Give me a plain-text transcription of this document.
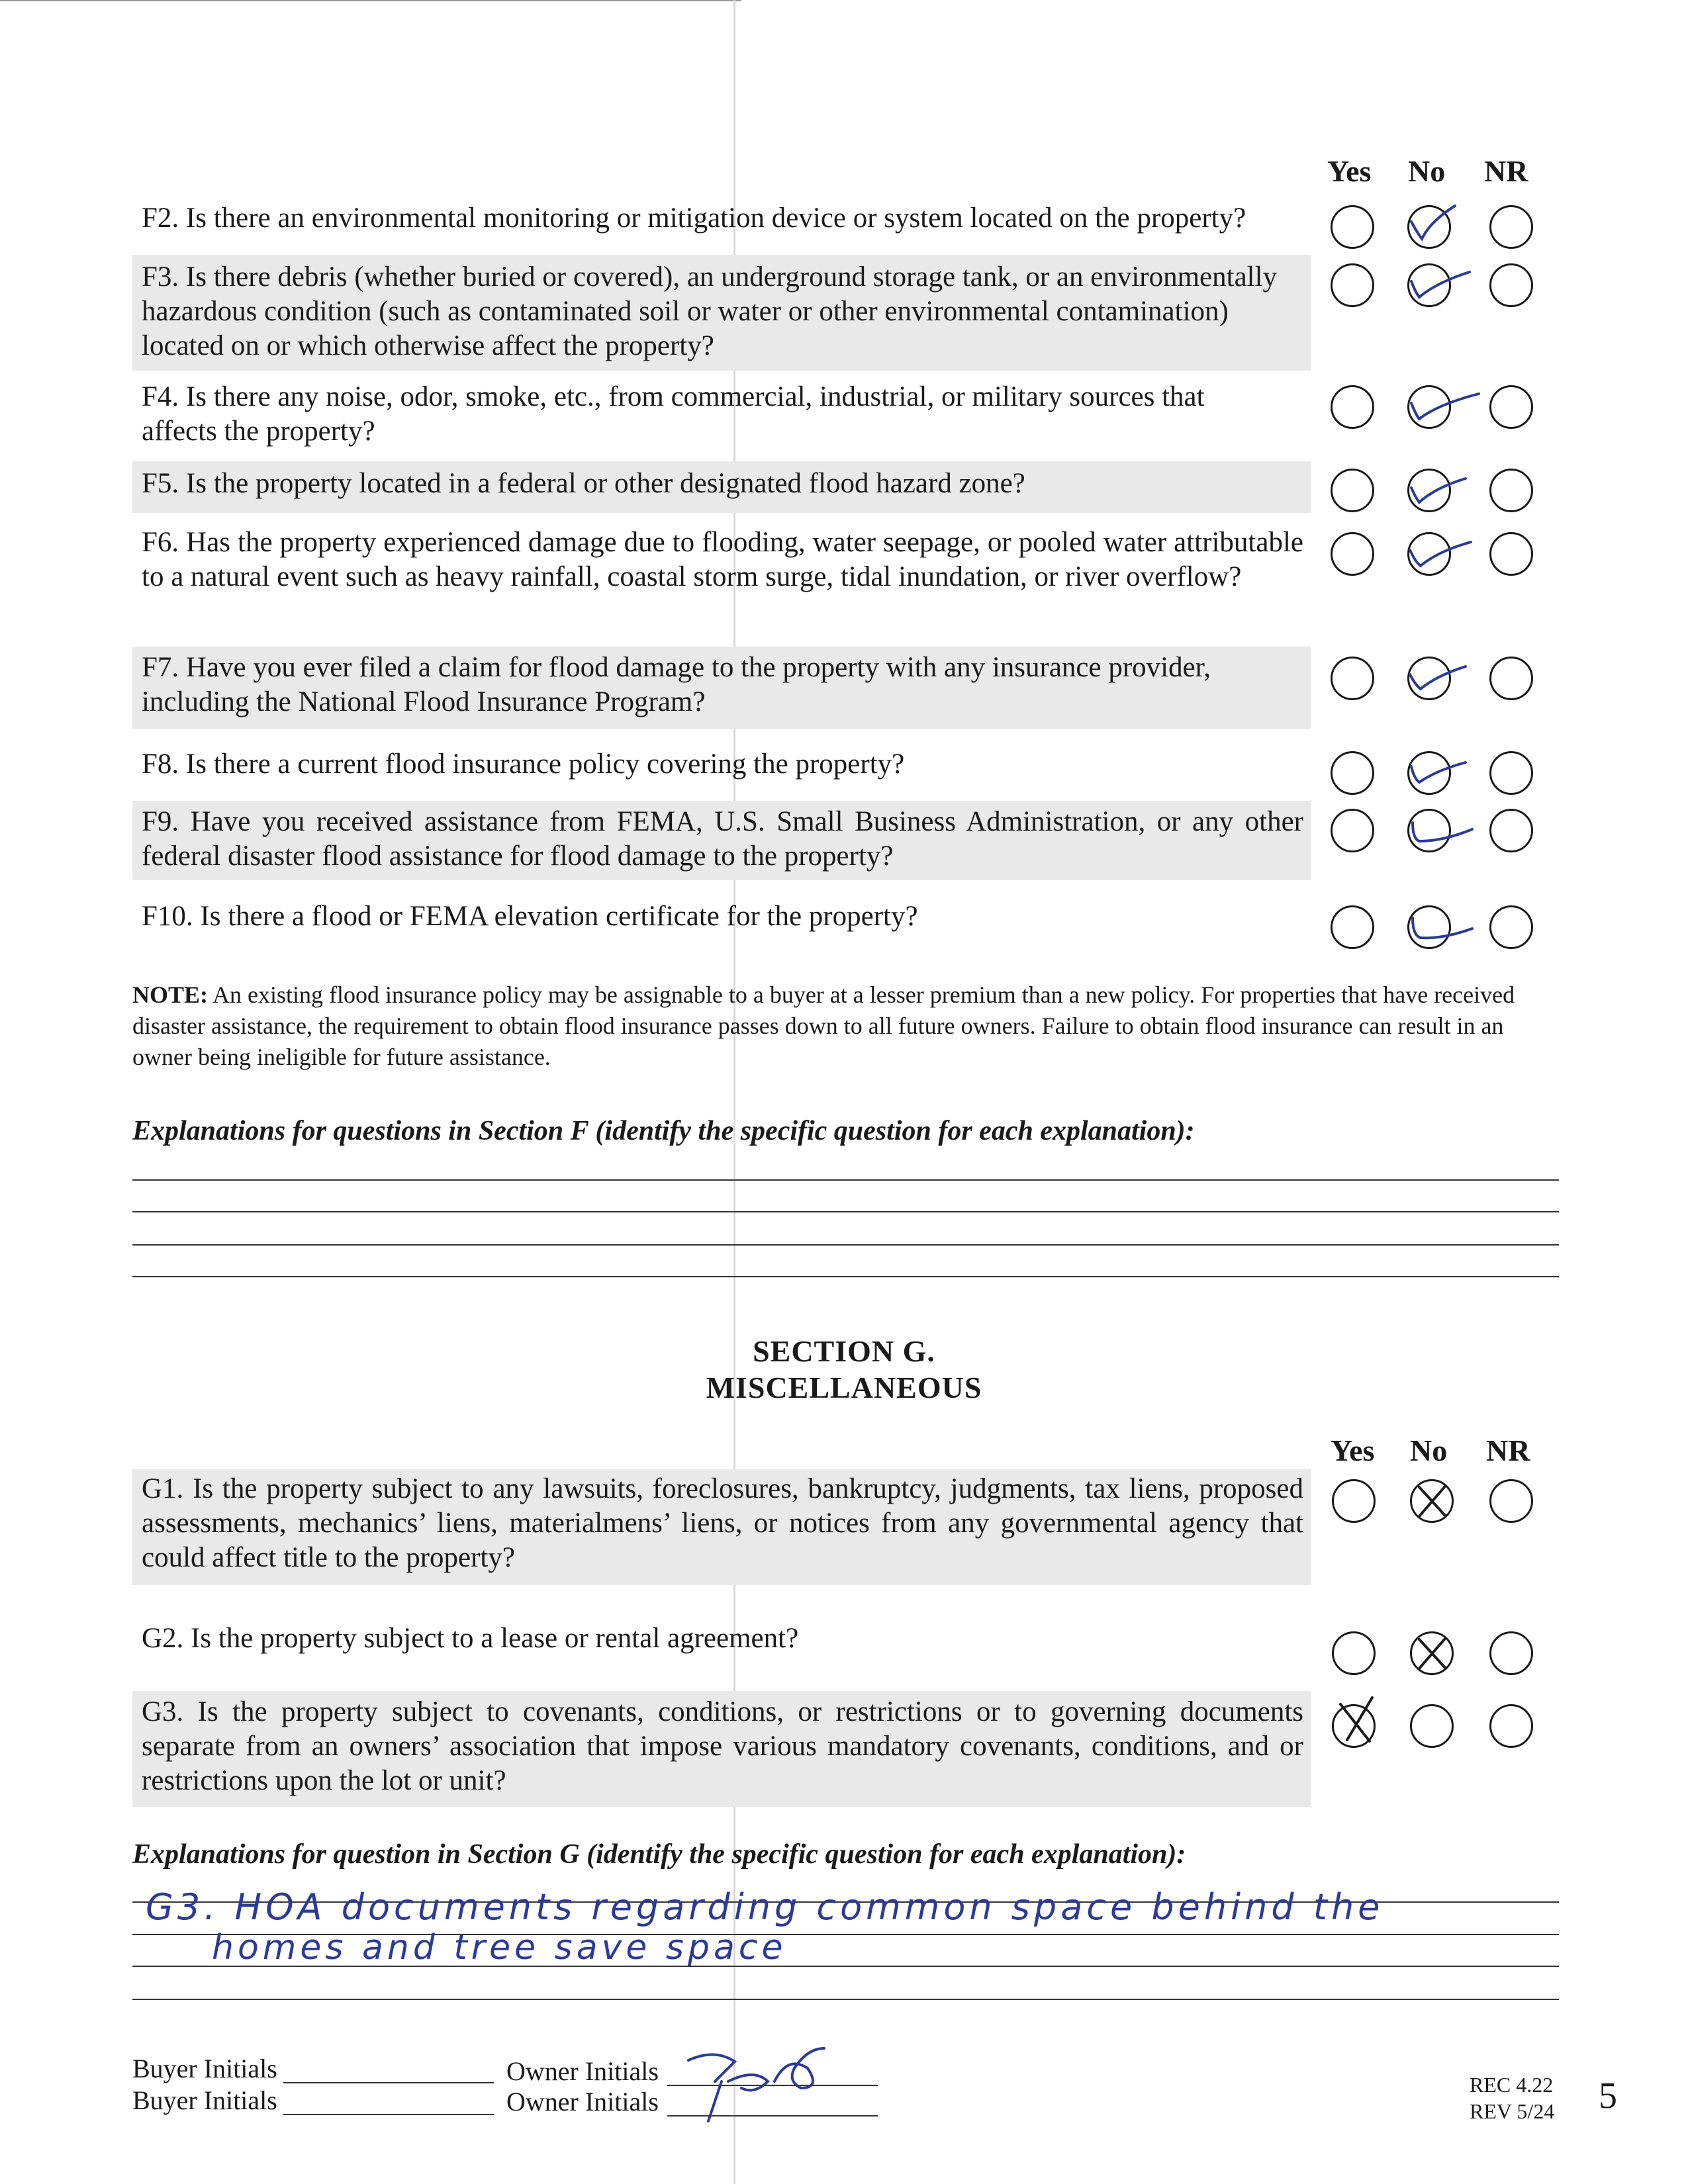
Yes No NR
F2. Is there an environmental monitoring or mitigation device or system located on the property?
F3. Is there debris (whether buried or covered), an underground storage tank, or an environmentally hazardous condition (such as contaminated soil or water or other environmental contamination) located on or which otherwise affect the property?
F4. Is there any noise, odor, smoke, etc., from commercial, industrial, or military sources that affects the property?
F5. Is the property located in a federal or other designated flood hazard zone?
F6. Has the property experienced damage due to flooding, water seepage, or pooled water attributable to a natural event such as heavy rainfall, coastal storm surge, tidal inundation, or river overflow?
F7. Have you ever filed a claim for flood damage to the property with any insurance provider, including the National Flood Insurance Program?
F8. Is there a current flood insurance policy covering the property?
F9. Have you received assistance from FEMA, U.S. Small Business Administration, or any other federal disaster flood assistance for flood damage to the property?
F10. Is there a flood or FEMA elevation certificate for the property?
NOTE: An existing flood insurance policy may be assignable to a buyer at a lesser premium than a new policy. For properties that have received disaster assistance, the requirement to obtain flood insurance passes down to all future owners. Failure to obtain flood insurance can result in an owner being ineligible for future assistance.
Explanations for questions in Section F (identify the specific question for each explanation):
SECTION G.
MISCELLANEOUS
Yes No NR
G1. Is the property subject to any lawsuits, foreclosures, bankruptcy, judgments, tax liens, proposed assessments, mechanics’ liens, materialmens’ liens, or notices from any governmental agency that could affect title to the property?
G2. Is the property subject to a lease or rental agreement?
G3. Is the property subject to covenants, conditions, or restrictions or to governing documents separate from an owners’ association that impose various mandatory covenants, conditions, and or restrictions upon the lot or unit?
Explanations for question in Section G (identify the specific question for each explanation):
G3. HOA documents regarding common space behind the
homes and tree save space
Buyer Initials
Buyer Initials
Owner Initials
Owner Initials
REC 4.22
REV 5/24 5
